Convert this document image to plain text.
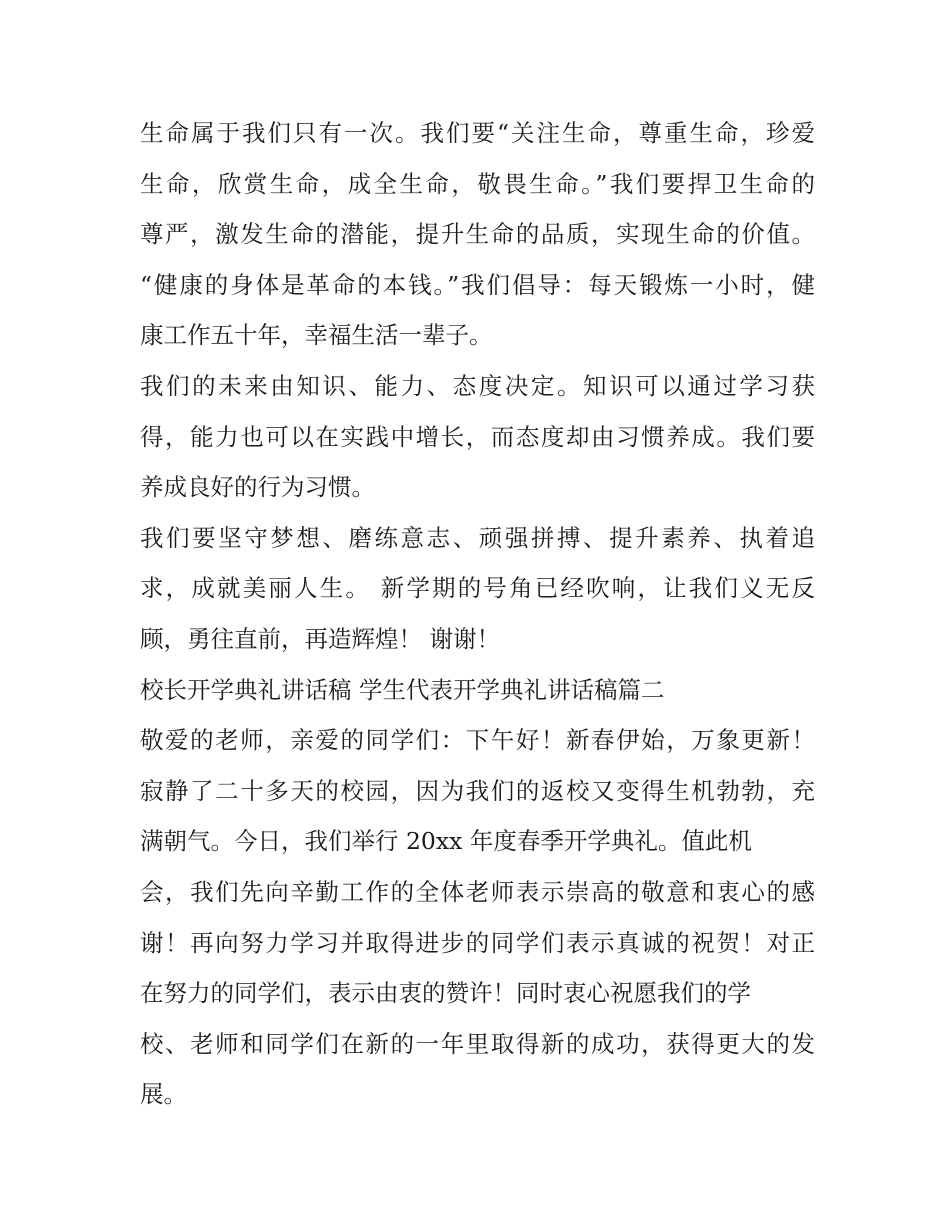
生命属于我们只有一次。我们要“关注生命，尊重生命，珍爱
生命，欣赏生命，成全生命，敬畏生命。”我们要捍卫生命的
尊严，激发生命的潜能，提升生命的品质，实现生命的价值。
“健康的身体是革命的本钱。”我们倡导：每天锻炼一小时，健
康工作五十年，幸福生活一辈子。
我们的未来由知识、能力、态度决定。知识可以通过学习获
得，能力也可以在实践中增长，而态度却由习惯养成。我们要
养成良好的行为习惯。
我们要坚守梦想、磨练意志、顽强拼搏、提升素养、执着追
求，成就美丽人生。 新学期的号角已经吹响，让我们义无反
顾，勇往直前，再造辉煌！ 谢谢！
校长开学典礼讲话稿 学生代表开学典礼讲话稿篇二
敬爱的老师，亲爱的同学们：下午好！新春伊始，万象更新！
寂静了二十多天的校园，因为我们的返校又变得生机勃勃，充
满朝气。今日，我们举行 20xx 年度春季开学典礼。值此机
会，我们先向辛勤工作的全体老师表示崇高的敬意和衷心的感
谢！再向努力学习并取得进步的同学们表示真诚的祝贺！对正
在努力的同学们，表示由衷的赞许！同时衷心祝愿我们的学
校、老师和同学们在新的一年里取得新的成功，获得更大的发
展。
